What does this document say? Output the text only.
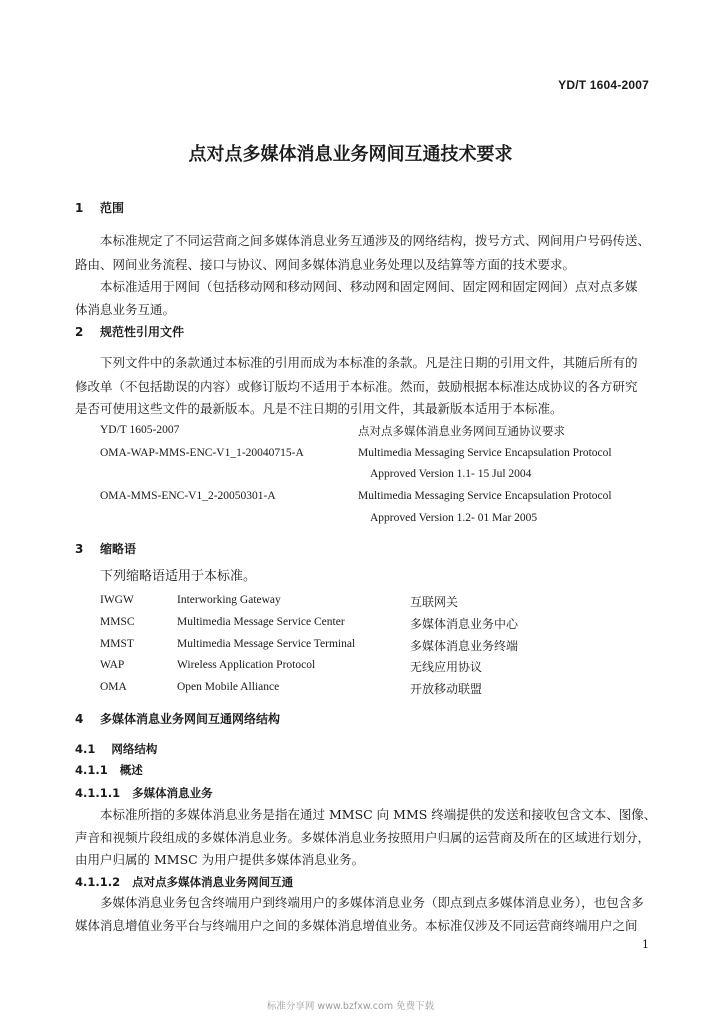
YD/T 1604-2007
点对点多媒体消息业务网间互通技术要求
1 范围
本标准规定了不同运营商之间多媒体消息业务互通涉及的网络结构，拨号方式、网间用户号码传送、
路由、网间业务流程、接口与协议、网间多媒体消息业务处理以及结算等方面的技术要求。
本标准适用于网间（包括移动网和移动网间、移动网和固定网间、固定网和固定网间）点对点多媒
体消息业务互通。
2 规范性引用文件
下列文件中的条款通过本标准的引用而成为本标准的条款。凡是注日期的引用文件，其随后所有的
修改单（不包括勘误的内容）或修订版均不适用于本标准。然而，鼓励根据本标准达成协议的各方研究
是否可使用这些文件的最新版本。凡是不注日期的引用文件，其最新版本适用于本标准。
YD/T 1605-2007	点对点多媒体消息业务网间互通协议要求
OMA-WAP-MMS-ENC-V1_1-20040715-A	Multimedia Messaging Service Encapsulation Protocol
Approved Version 1.1- 15 Jul 2004
OMA-MMS-ENC-V1_2-20050301-A	Multimedia Messaging Service Encapsulation Protocol
Approved Version 1.2- 01 Mar 2005
3 缩略语
下列缩略语适用于本标准。
IWGW	Interworking Gateway	互联网关
MMSC	Multimedia Message Service Center	多媒体消息业务中心
MMST	Multimedia Message Service Terminal	多媒体消息业务终端
WAP	Wireless Application Protocol	无线应用协议
OMA	Open Mobile Alliance	开放移动联盟
4 多媒体消息业务网间互通网络结构
4.1 网络结构
4.1.1 概述
4.1.1.1 多媒体消息业务
本标准所指的多媒体消息业务是指在通过 MMSC 向 MMS 终端提供的发送和接收包含文本、图像、
声音和视频片段组成的多媒体消息业务。多媒体消息业务按照用户归属的运营商及所在的区域进行划分，
由用户归属的 MMSC 为用户提供多媒体消息业务。
4.1.1.2 点对点多媒体消息业务网间互通
多媒体消息业务包含终端用户到终端用户的多媒体消息业务（即点到点多媒体消息业务），也包含多
媒体消息增值业务平台与终端用户之间的多媒体消息增值业务。本标准仅涉及不同运营商终端用户之间
1
标准分享网 www.bzfxw.com 免费下载
